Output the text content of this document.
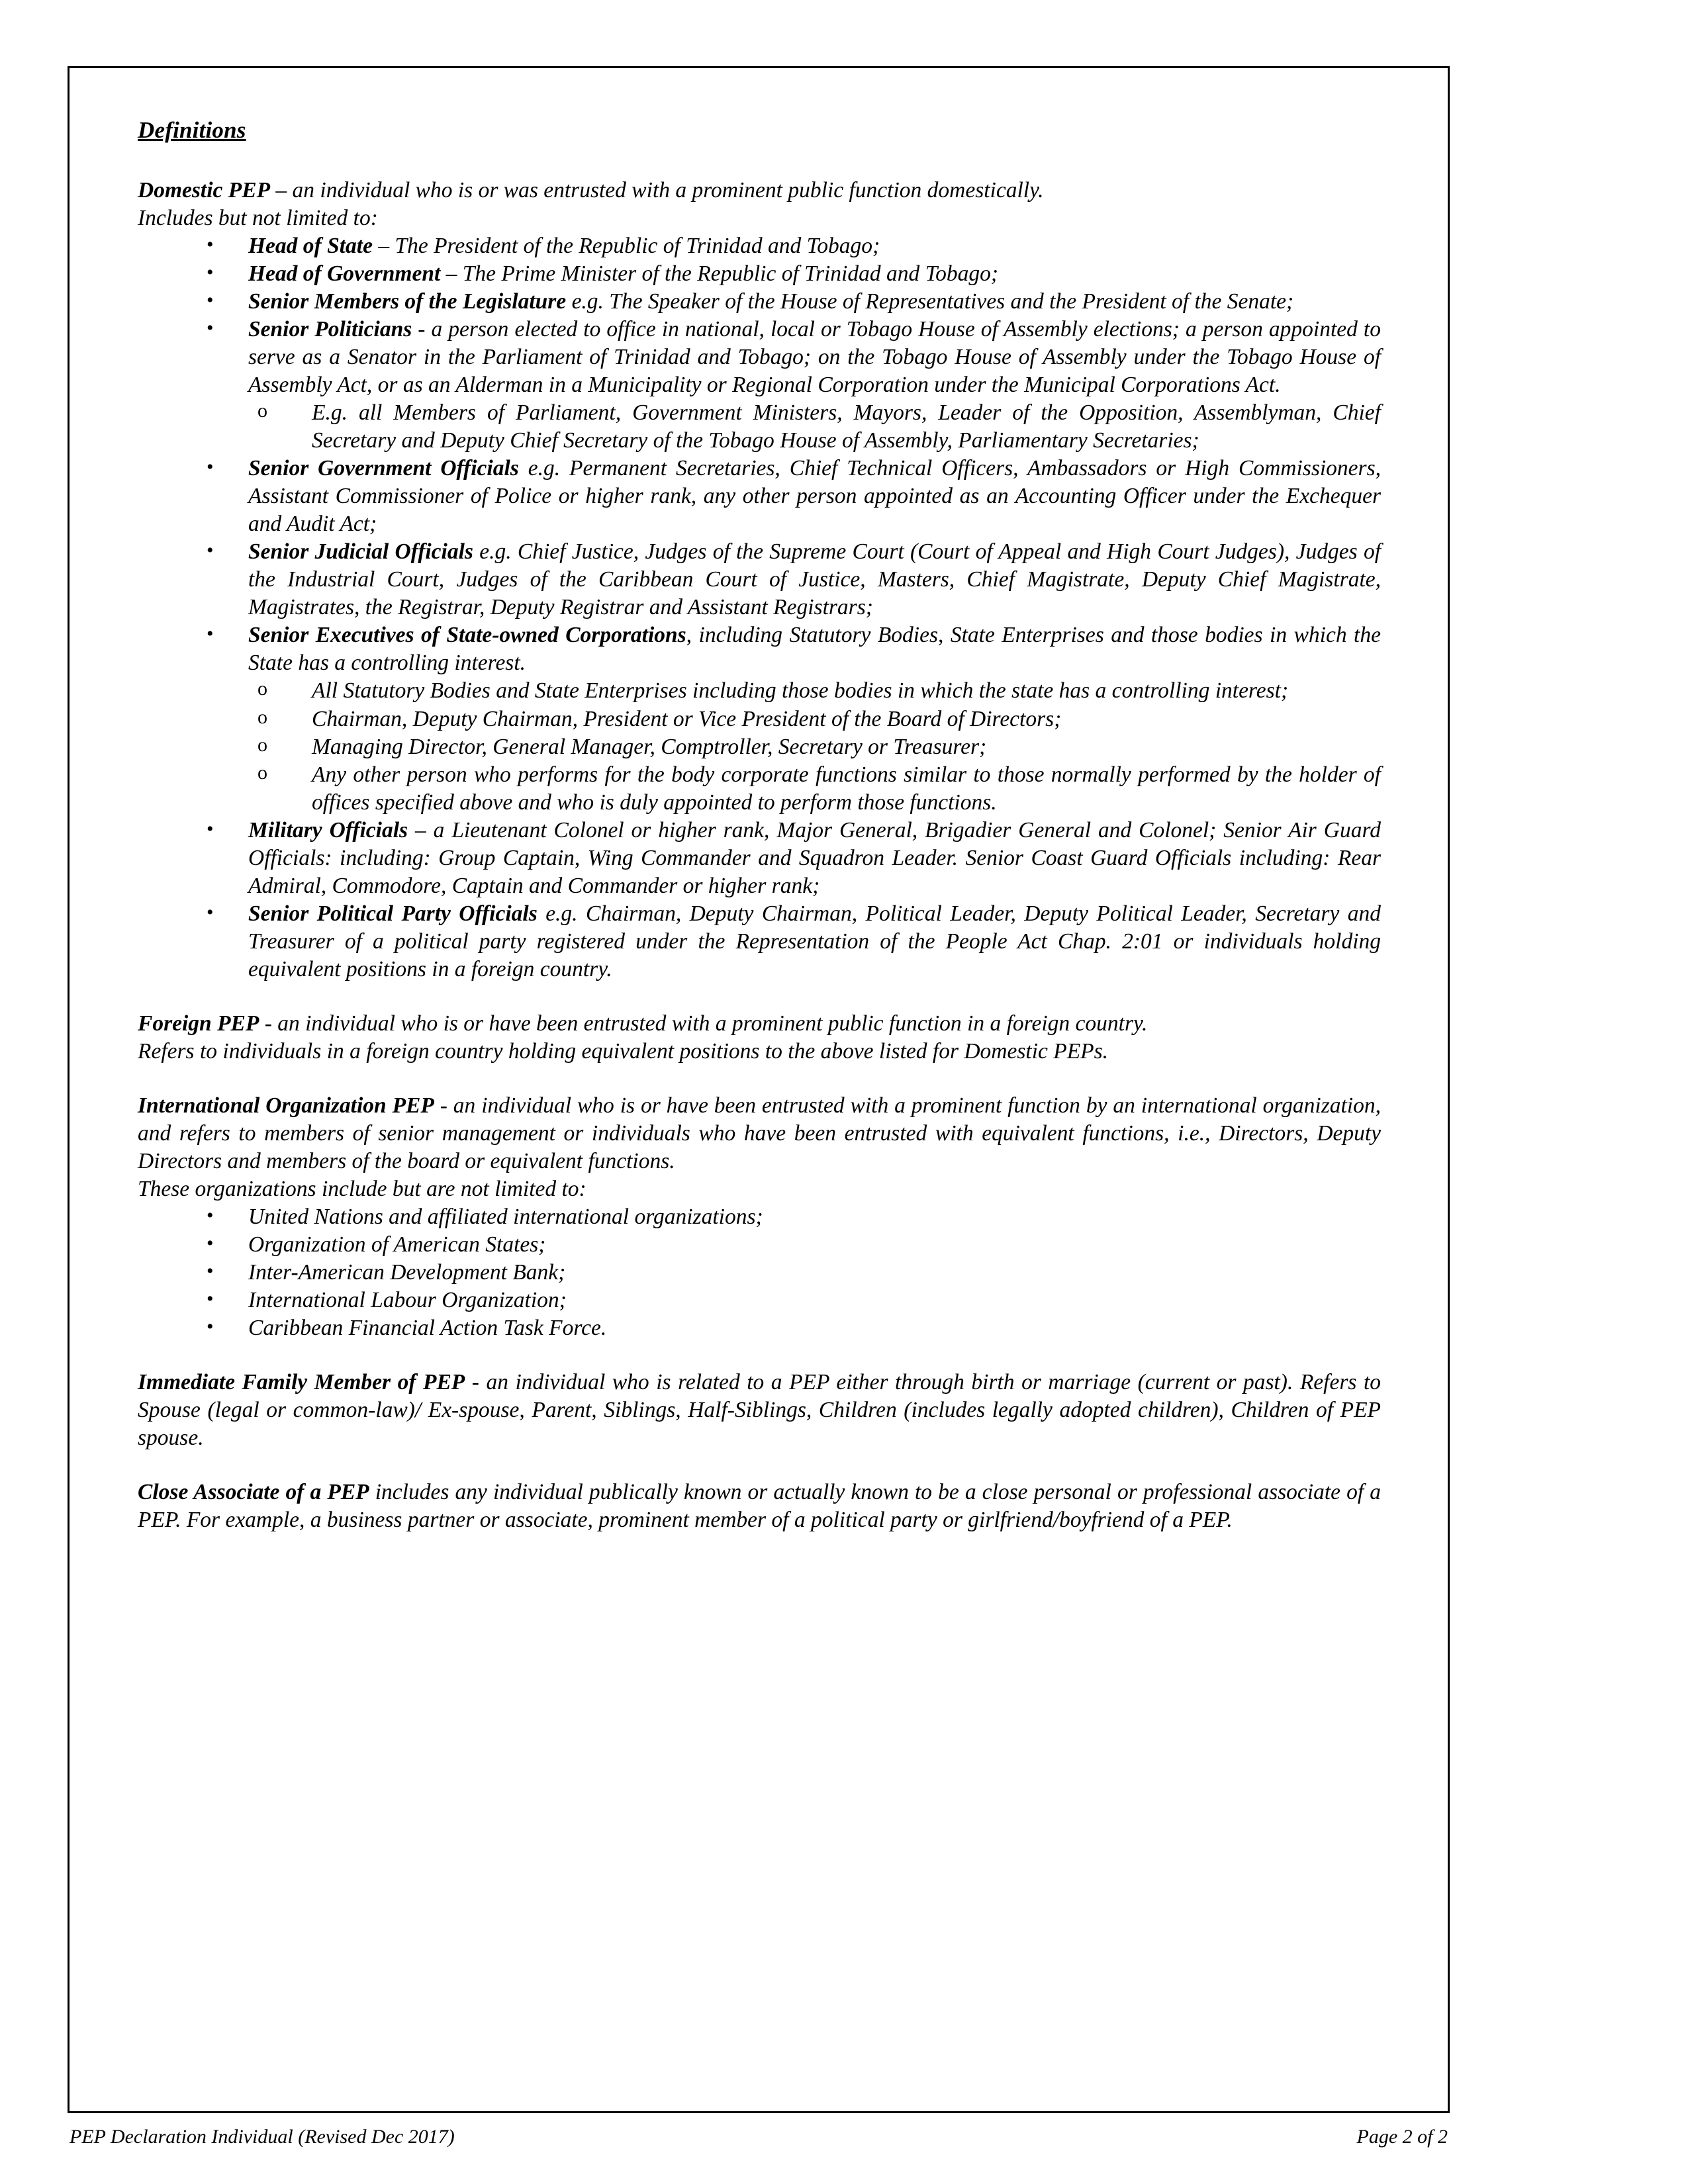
Definitions

Domestic PEP – an individual who is or was entrusted with a prominent public function domestically.

Includes but not limited to:

• Head of State – The President of the Republic of Trinidad and Tobago;
• Head of Government – The Prime Minister of the Republic of Trinidad and Tobago;
• Senior Members of the Legislature e.g. The Speaker of the House of Representatives and the President of the Senate;
• Senior Politicians - a person elected to office in national, local or Tobago House of Assembly elections; a person appointed to serve as a Senator in the Parliament of Trinidad and Tobago; on the Tobago House of Assembly under the Tobago House of Assembly Act, or as an Alderman in a Municipality or Regional Corporation under the Municipal Corporations Act.
o E.g. all Members of Parliament, Government Ministers, Mayors, Leader of the Opposition, Assemblyman, Chief Secretary and Deputy Chief Secretary of the Tobago House of Assembly, Parliamentary Secretaries;
• Senior Government Officials e.g. Permanent Secretaries, Chief Technical Officers, Ambassadors or High Commissioners, Assistant Commissioner of Police or higher rank, any other person appointed as an Accounting Officer under the Exchequer and Audit Act;
• Senior Judicial Officials e.g. Chief Justice, Judges of the Supreme Court (Court of Appeal and High Court Judges), Judges of the Industrial Court, Judges of the Caribbean Court of Justice, Masters, Chief Magistrate, Deputy Chief Magistrate, Magistrates, the Registrar, Deputy Registrar and Assistant Registrars;
• Senior Executives of State-owned Corporations, including Statutory Bodies, State Enterprises and those bodies in which the State has a controlling interest.
o All Statutory Bodies and State Enterprises including those bodies in which the state has a controlling interest;
o Chairman, Deputy Chairman, President or Vice President of the Board of Directors;
o Managing Director, General Manager, Comptroller, Secretary or Treasurer;
o Any other person who performs for the body corporate functions similar to those normally performed by the holder of offices specified above and who is duly appointed to perform those functions.
• Military Officials – a Lieutenant Colonel or higher rank, Major General, Brigadier General and Colonel; Senior Air Guard Officials: including: Group Captain, Wing Commander and Squadron Leader. Senior Coast Guard Officials including: Rear Admiral, Commodore, Captain and Commander or higher rank;
• Senior Political Party Officials e.g. Chairman, Deputy Chairman, Political Leader, Deputy Political Leader, Secretary and Treasurer of a political party registered under the Representation of the People Act Chap. 2:01 or individuals holding equivalent positions in a foreign country.

Foreign PEP - an individual who is or have been entrusted with a prominent public function in a foreign country.

Refers to individuals in a foreign country holding equivalent positions to the above listed for Domestic PEPs.

International Organization PEP - an individual who is or have been entrusted with a prominent function by an international organization, and refers to members of senior management or individuals who have been entrusted with equivalent functions, i.e., Directors, Deputy Directors and members of the board or equivalent functions.

These organizations include but are not limited to:

• United Nations and affiliated international organizations;
• Organization of American States;
• Inter-American Development Bank;
• International Labour Organization;
• Caribbean Financial Action Task Force.

Immediate Family Member of PEP - an individual who is related to a PEP either through birth or marriage (current or past). Refers to Spouse (legal or common-law)/ Ex-spouse, Parent, Siblings, Half-Siblings, Children (includes legally adopted children), Children of PEP spouse.

Close Associate of a PEP includes any individual publically known or actually known to be a close personal or professional associate of a PEP. For example, a business partner or associate, prominent member of a political party or girlfriend/boyfriend of a PEP.

PEP Declaration Individual (Revised Dec 2017)	Page 2 of 2
